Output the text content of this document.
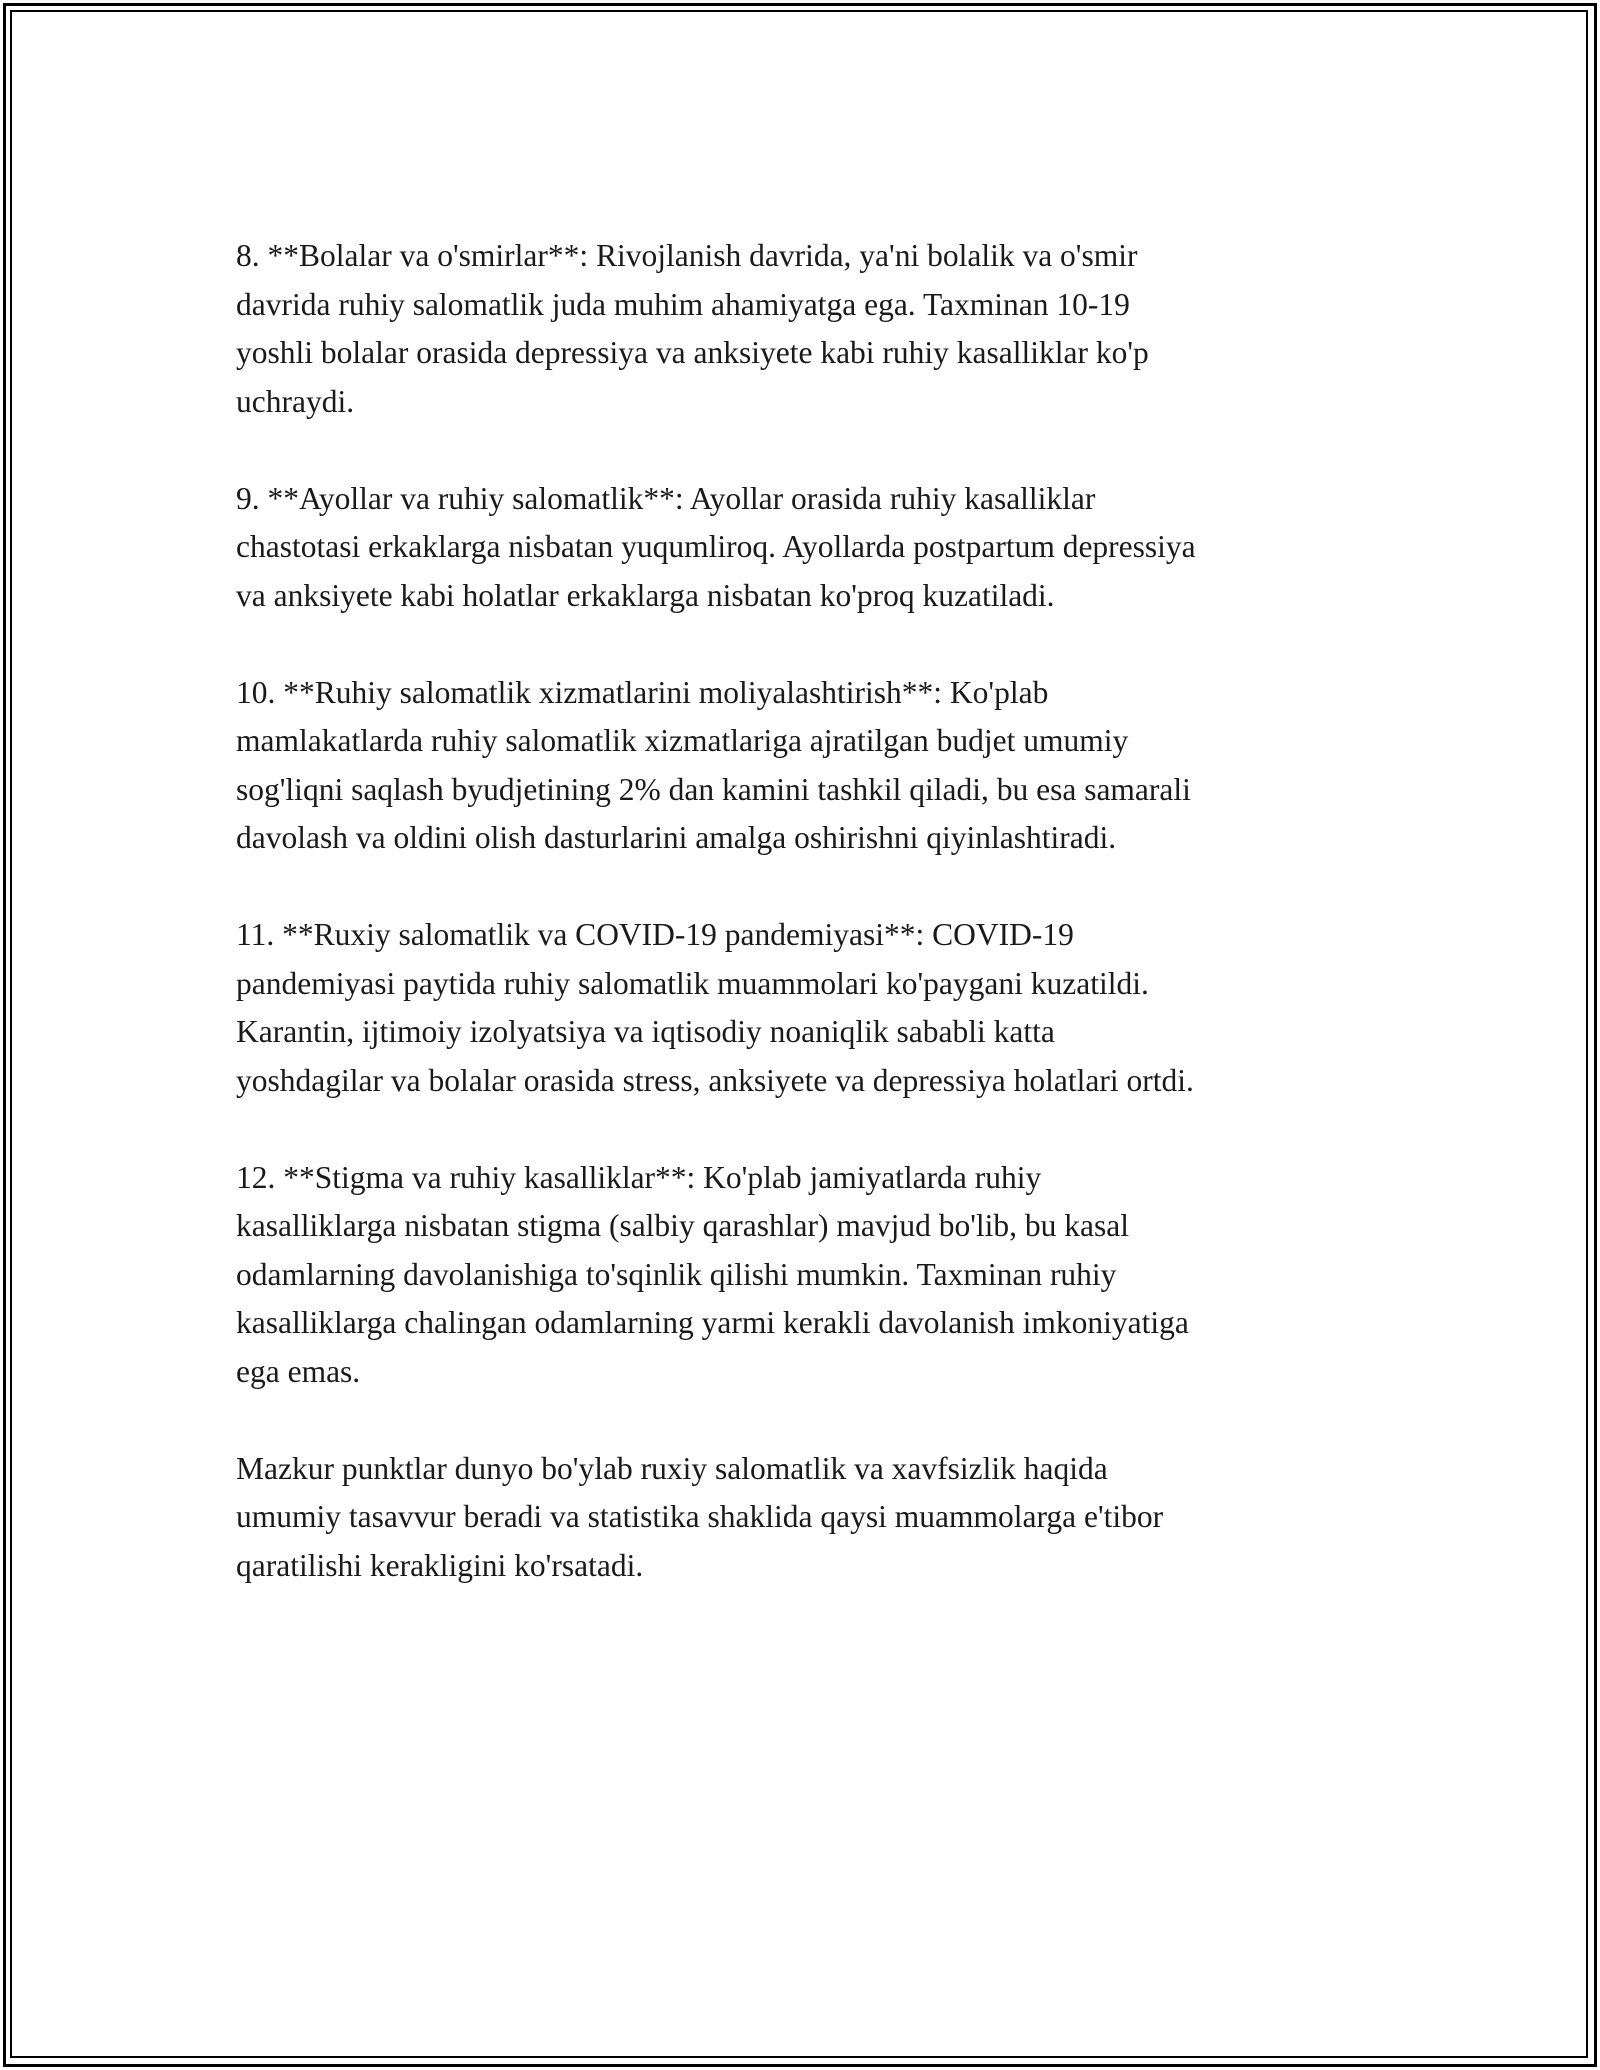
8. **Bolalar va o'smirlar**: Rivojlanish davrida, ya'ni bolalik va o'smir
davrida ruhiy salomatlik juda muhim ahamiyatga ega. Taxminan 10-19
yoshli bolalar orasida depressiya va anksiyete kabi ruhiy kasalliklar ko'p
uchraydi.

9. **Ayollar va ruhiy salomatlik**: Ayollar orasida ruhiy kasalliklar
chastotasi erkaklarga nisbatan yuqumliroq. Ayollarda postpartum depressiya
va anksiyete kabi holatlar erkaklarga nisbatan ko'proq kuzatiladi.

10. **Ruhiy salomatlik xizmatlarini moliyalashtirish**: Ko'plab
mamlakatlarda ruhiy salomatlik xizmatlariga ajratilgan budjet umumiy
sog'liqni saqlash byudjetining 2% dan kamini tashkil qiladi, bu esa samarali
davolash va oldini olish dasturlarini amalga oshirishni qiyinlashtiradi.

11. **Ruxiy salomatlik va COVID-19 pandemiyasi**: COVID-19
pandemiyasi paytida ruhiy salomatlik muammolari ko'paygani kuzatildi.
Karantin, ijtimoiy izolyatsiya va iqtisodiy noaniqlik sababli katta
yoshdagilar va bolalar orasida stress, anksiyete va depressiya holatlari ortdi.

12. **Stigma va ruhiy kasalliklar**: Ko'plab jamiyatlarda ruhiy
kasalliklarga nisbatan stigma (salbiy qarashlar) mavjud bo'lib, bu kasal
odamlarning davolanishiga to'sqinlik qilishi mumkin. Taxminan ruhiy
kasalliklarga chalingan odamlarning yarmi kerakli davolanish imkoniyatiga
ega emas.

Mazkur punktlar dunyo bo'ylab ruxiy salomatlik va xavfsizlik haqida
umumiy tasavvur beradi va statistika shaklida qaysi muammolarga e'tibor
qaratilishi kerakligini ko'rsatadi.
